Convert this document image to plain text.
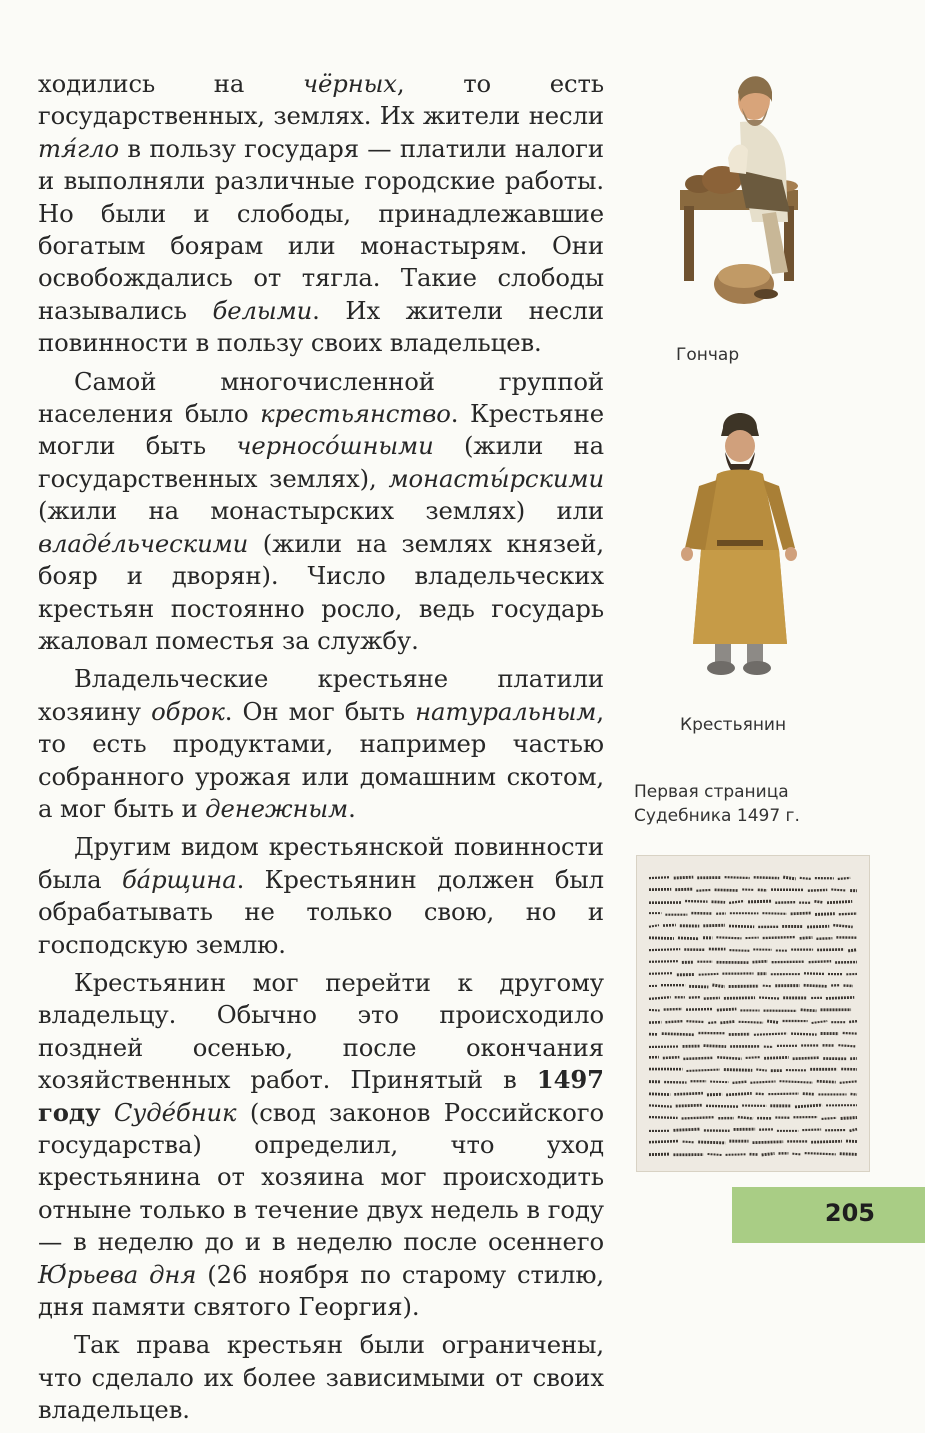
ходились на чёрных, то есть государственных, землях. Их жители несли тя́гло в пользу государя — платили налоги и выполняли различные городские работы. Но были и слободы, принадлежавшие богатым боярам или монастырям. Они освобождались от тягла. Такие слободы назывались белыми. Их жители несли повинности в пользу своих владельцев.

Самой многочисленной группой населения было крестьянство. Крестьяне могли быть черносо́шными (жили на государственных землях), монасты́рскими (жили на монастырских землях) или владе́льческими (жили на землях князей, бояр и дворян). Число владельческих крестьян постоянно росло, ведь государь жаловал поместья за службу.

Владельческие крестьяне платили хозяину оброк. Он мог быть натуральным, то есть продуктами, например частью собранного урожая или домашним скотом, а мог быть и денежным.

Другим видом крестьянской повинности была ба́рщина. Крестьянин должен был обрабатывать не только свою, но и господскую землю.

Крестьянин мог перейти к другому владельцу. Обычно это происходило поздней осенью, после окончания хозяйственных работ. Принятый в 1497 году Суде́бник (свод законов Российского государства) определил, что уход крестьянина от хозяина мог происходить отныне только в течение двух недель в году — в неделю до и в неделю после осеннего Ю́рьева дня (26 ноября по старому стилю, дня памяти святого Георгия).

Так права крестьян были ограничены, что сделало их более зависимыми от своих владельцев.

Гончар
Крестьянин
Первая страница Судебника 1497 г.
205
